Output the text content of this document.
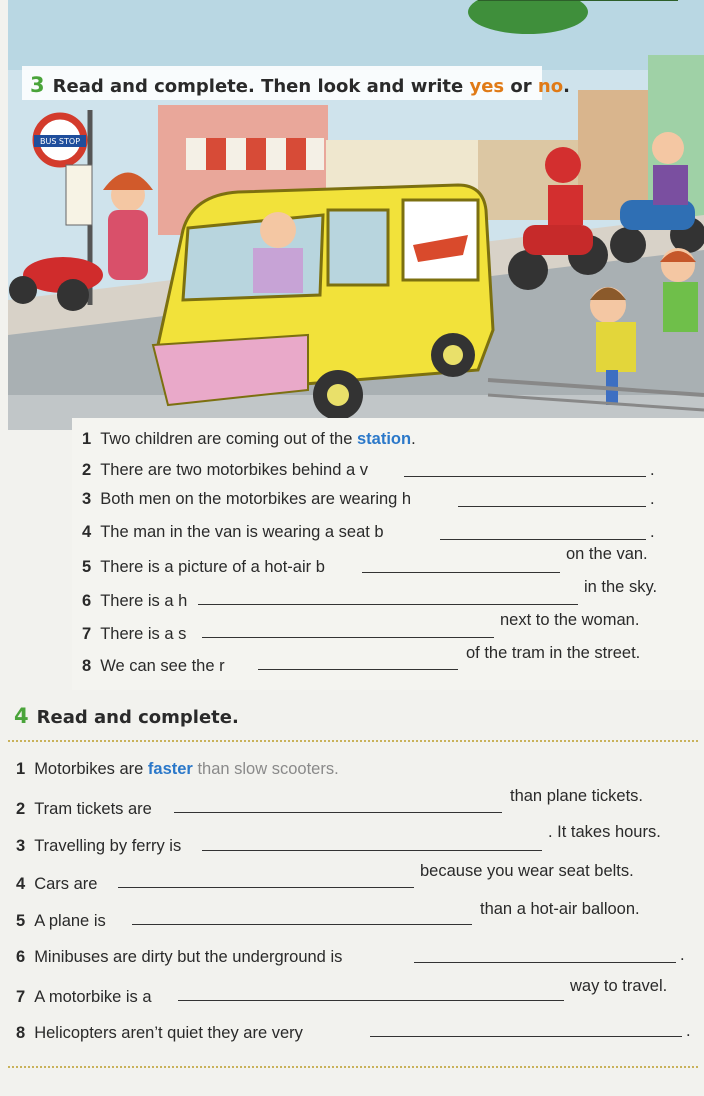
BUS STOP
3 Read and complete. Then look and write yes or no.
1 Two children are coming out of the station.
2 There are two motorbikes behind a v	.
3 Both men on the motorbikes are wearing h	.
4 The man in the van is wearing a seat b	.
5 There is a picture of a hot-air b
on the van.
6 There is a h
in the sky.
7 There is a s
next to the woman.
8 We can see the r
of the tram in the street.
4 Read and complete.
1 Motorbikes are faster than slow scooters.
2 Tram tickets are
than plane tickets.
3 Travelling by ferry is
. It takes hours.
4 Cars are
because you wear seat belts.
5 A plane is
than a hot-air balloon.
6 Minibuses are dirty but the underground is	.
7 A motorbike is a
way to travel.
8 Helicopters aren’t quiet they are very	.
